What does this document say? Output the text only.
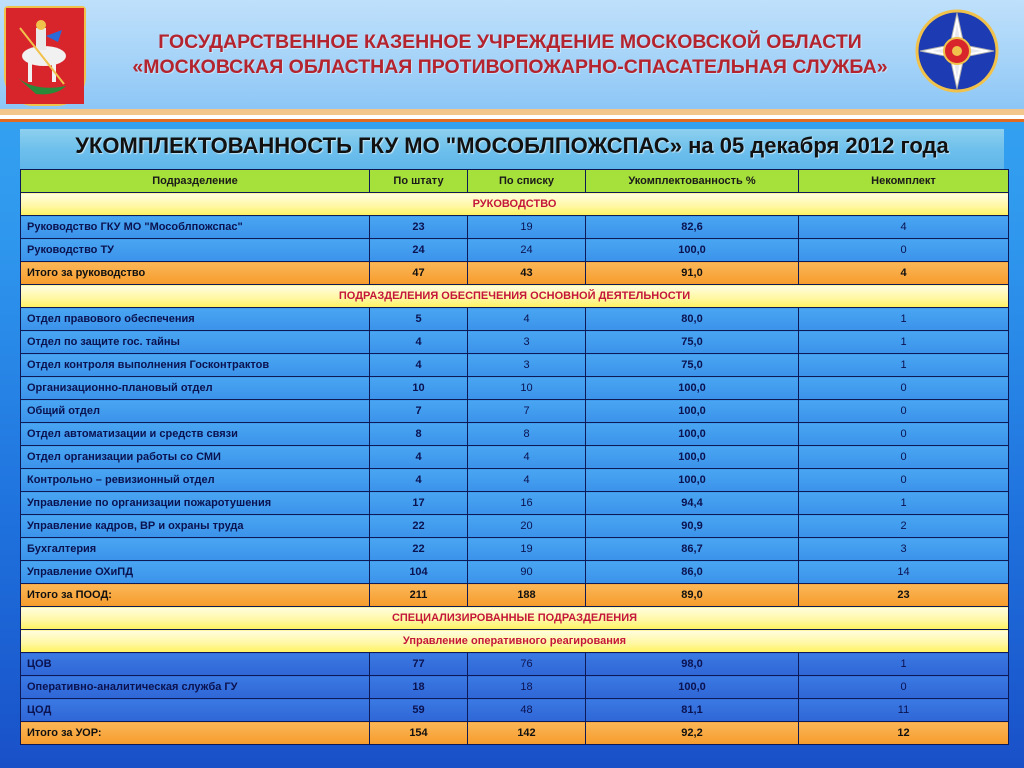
ГОСУДАРСТВЕННОЕ КАЗЕННОЕ УЧРЕЖДЕНИЕ МОСКОВСКОЙ ОБЛАСТИ
«МОСКОВСКАЯ ОБЛАСТНАЯ ПРОТИВОПОЖАРНО-СПАСАТЕЛЬНАЯ СЛУЖБА»
УКОМПЛЕКТОВАННОСТЬ ГКУ МО "МОСОБЛПОЖСПАС» на 05 декабря 2012 года
Подразделение	По штату	По списку	Укомплектованность %	Некомплект
РУКОВОДСТВО				
Руководство ГКУ МО "Мособлпожспас"	23	19	82,6	4
Руководство ТУ	24	24	100,0	0
Итого за руководство	47	43	91,0	4
ПОДРАЗДЕЛЕНИЯ ОБЕСПЕЧЕНИЯ ОСНОВНОЙ ДЕЯТЕЛЬНОСТИ				
Отдел правового обеспечения	5	4	80,0	1
Отдел по защите гос. тайны	4	3	75,0	1
Отдел контроля выполнения Госконтрактов	4	3	75,0	1
Организационно-плановый отдел	10	10	100,0	0
Общий отдел	7	7	100,0	0
Отдел автоматизации и средств связи	8	8	100,0	0
Отдел организации работы со СМИ	4	4	100,0	0
Контрольно – ревизионный отдел	4	4	100,0	0
Управление по организации пожаротушения	17	16	94,4	1
Управление кадров, ВР и охраны труда	22	20	90,9	2
Бухгалтерия	22	19	86,7	3
Управление ОХиПД	104	90	86,0	14
Итого за ПООД:	211	188	89,0	23
СПЕЦИАЛИЗИРОВАННЫЕ ПОДРАЗДЕЛЕНИЯ				
Управление оперативного реагирования				
ЦОВ	77	76	98,0	1
Оперативно-аналитическая служба ГУ	18	18	100,0	0
ЦОД	59	48	81,1	11
Итого за УОР:	154	142	92,2	12
